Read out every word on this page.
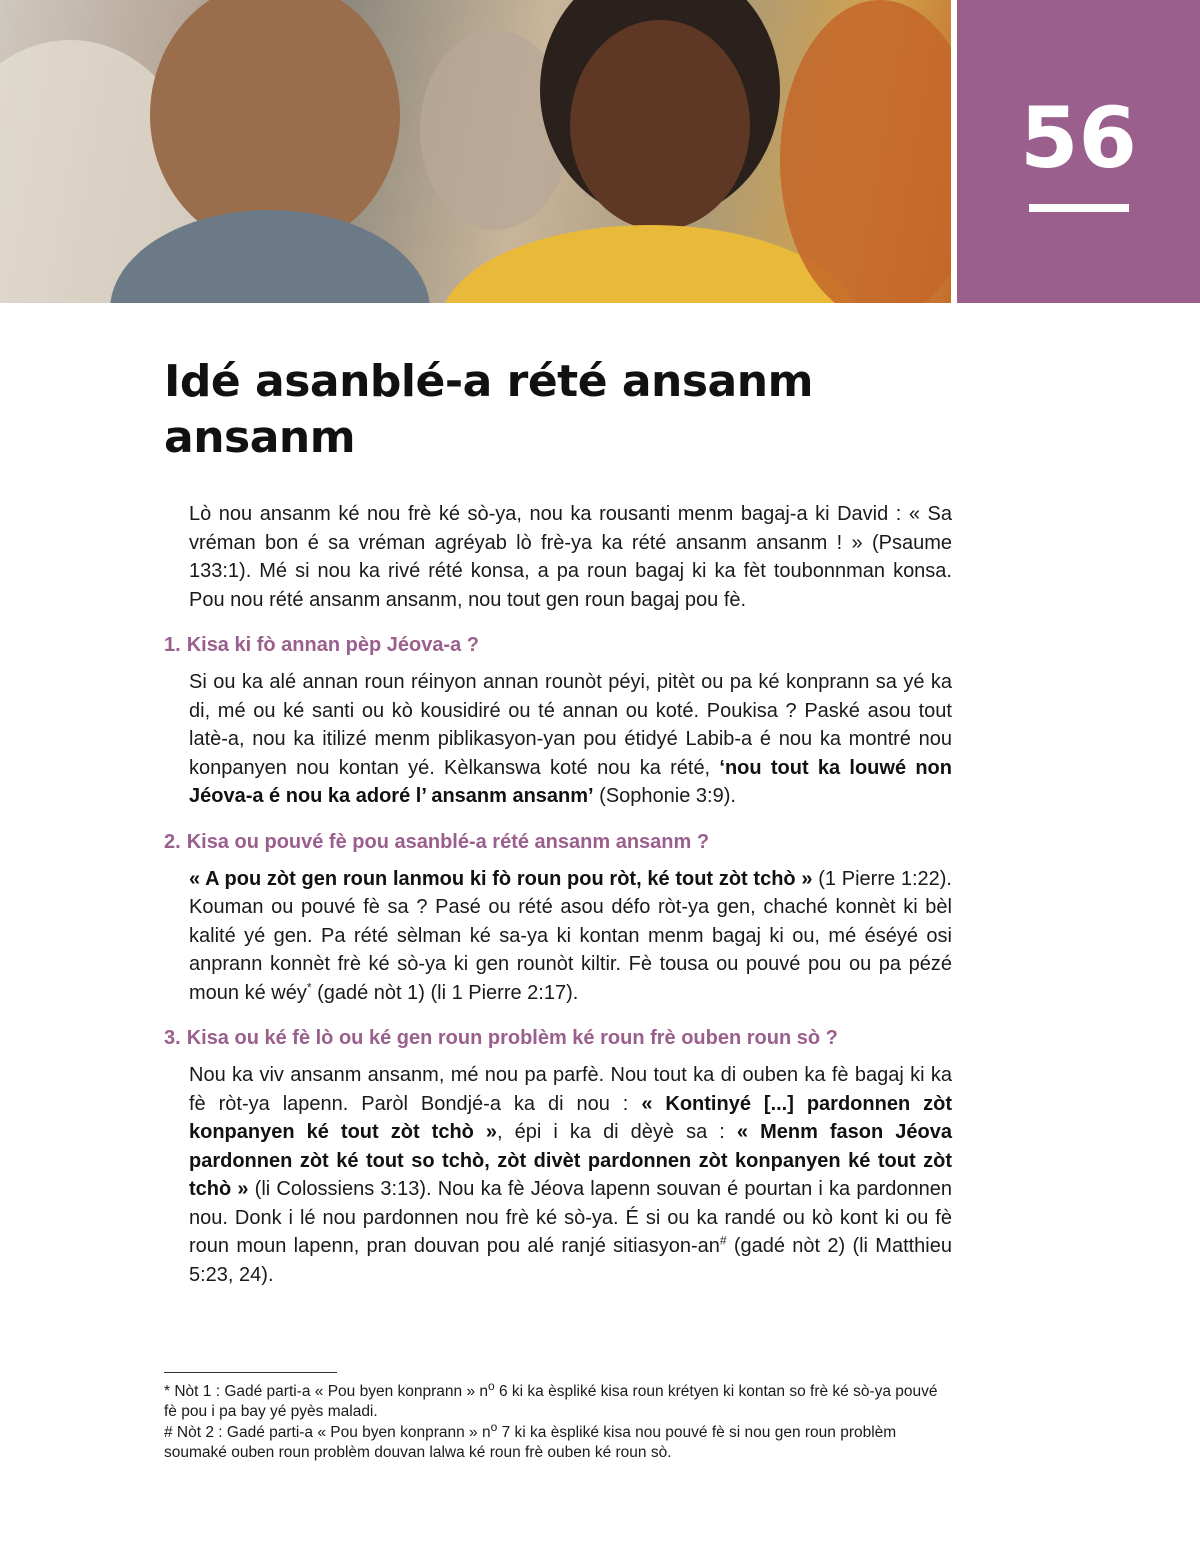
56
Idé asanblé-a rété ansanm ansanm

Lò nou ansanm ké nou frè ké sò-ya, nou ka rousanti menm bagaj-a ki David : « Sa vréman bon é sa vréman agréyab lò frè-ya ka rété ansanm ansanm ! » (Psaume 133:1). Mé si nou ka rivé rété konsa, a pa roun bagaj ki ka fèt toubonnman konsa. Pou nou rété ansanm ansanm, nou tout gen roun bagaj pou fè.

1. Kisa ki fò annan pèp Jéova-a ?

Si ou ka alé annan roun réinyon annan rounòt péyi, pitèt ou pa ké konprann sa yé ka di, mé ou ké santi ou kò kousidiré ou té annan ou koté. Poukisa ? Paské asou tout latè-a, nou ka itilizé menm piblikasyon-yan pou étidyé Labib-a é nou ka montré nou konpanyen nou kontan yé. Kèlkanswa koté nou ka rété, ‘nou tout ka louwé non Jéova-a é nou ka adoré l’ ansanm ansanm’ (Sophonie 3:9).

2. Kisa ou pouvé fè pou asanblé-a rété ansanm ansanm ?

« A pou zòt gen roun lanmou ki fò roun pou ròt, ké tout zòt tchò » (1 Pierre 1:22). Kouman ou pouvé fè sa ? Pasé ou rété asou défo ròt-ya gen, chaché konnèt ki bèl kalité yé gen. Pa rété sèlman ké sa-ya ki kontan menm bagaj ki ou, mé éséyé osi anprann konnèt frè ké sò-ya ki gen rounòt kiltir. Fè tousa ou pouvé pou ou pa pézé moun ké wéy* (gadé nòt 1) (li 1 Pierre 2:17).

3. Kisa ou ké fè lò ou ké gen roun problèm ké roun frè ouben roun sò ?

Nou ka viv ansanm ansanm, mé nou pa parfè. Nou tout ka di ouben ka fè bagaj ki ka fè ròt-ya lapenn. Paròl Bondjé-a ka di nou : « Kontinyé [...] pardonnen zòt konpanyen ké tout zòt tchò », épi i ka di dèyè sa : « Menm fason Jéova pardonnen zòt ké tout so tchò, zòt divèt pardonnen zòt konpanyen ké tout zòt tchò » (li Colossiens 3:13). Nou ka fè Jéova lapenn souvan é pourtan i ka pardonnen nou. Donk i lé nou pardonnen nou frè ké sò-ya. É si ou ka randé ou kò kont ki ou fè roun moun lapenn, pran douvan pou alé ranjé sitiasyon-an# (gadé nòt 2) (li Matthieu 5:23, 24).

* Nòt 1 : Gadé parti-a « Pou byen konprann » $n^o$ 6 ki ka èspliké kisa roun krétyen ki kontan so frè ké sò-ya pouvé fè pou i pa bay yé pyès maladi.

# Nòt 2 : Gadé parti-a « Pou byen konprann » $n^o$ 7 ki ka èspliké kisa nou pouvé fè si nou gen roun problèm soumaké ouben roun problèm douvan lalwa ké roun frè ouben ké roun sò.
